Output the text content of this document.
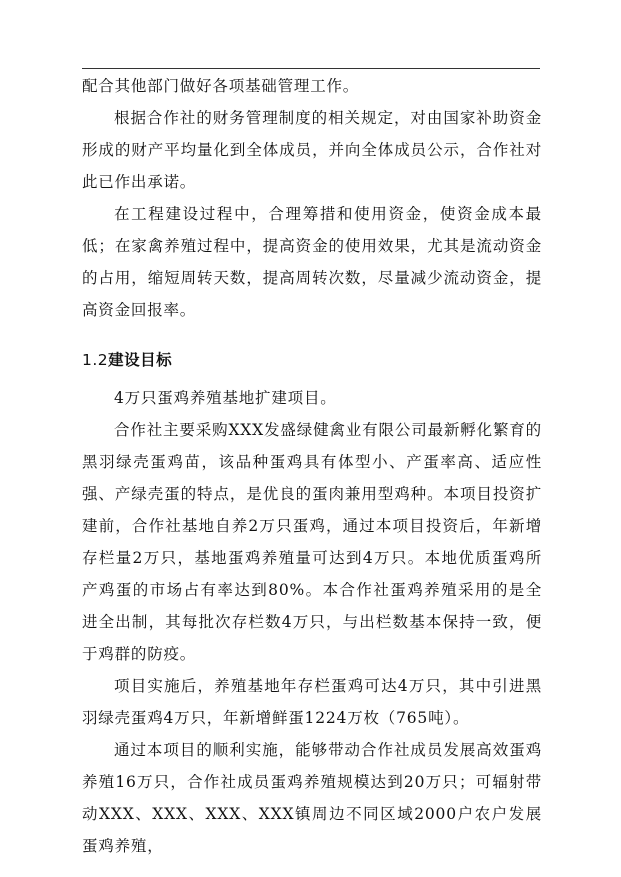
配合其他部门做好各项基础管理工作。

根据合作社的财务管理制度的相关规定，对由国家补助资金形成的财产平均量化到全体成员，并向全体成员公示，合作社对此已作出承诺。

在工程建设过程中，合理筹措和使用资金，使资金成本最低；在家禽养殖过程中，提高资金的使用效果，尤其是流动资金的占用，缩短周转天数，提高周转次数，尽量减少流动资金，提高资金回报率。

1.2建设目标

4万只蛋鸡养殖基地扩建项目。

合作社主要采购XXX发盛绿健禽业有限公司最新孵化繁育的黑羽绿壳蛋鸡苗，该品种蛋鸡具有体型小、产蛋率高、适应性强、产绿壳蛋的特点，是优良的蛋肉兼用型鸡种。本项目投资扩建前，合作社基地自养2万只蛋鸡，通过本项目投资后，年新增存栏量2万只，基地蛋鸡养殖量可达到4万只。本地优质蛋鸡所产鸡蛋的市场占有率达到80%。本合作社蛋鸡养殖采用的是全进全出制，其每批次存栏数4万只，与出栏数基本保持一致，便于鸡群的防疫。

项目实施后，养殖基地年存栏蛋鸡可达4万只，其中引进黑羽绿壳蛋鸡4万只，年新增鲜蛋1224万枚（765吨）。

通过本项目的顺利实施，能够带动合作社成员发展高效蛋鸡养殖16万只，合作社成员蛋鸡养殖规模达到20万只；可辐射带动XXX、XXX、XXX、XXX镇周边不同区域2000户农户发展蛋鸡养殖，
